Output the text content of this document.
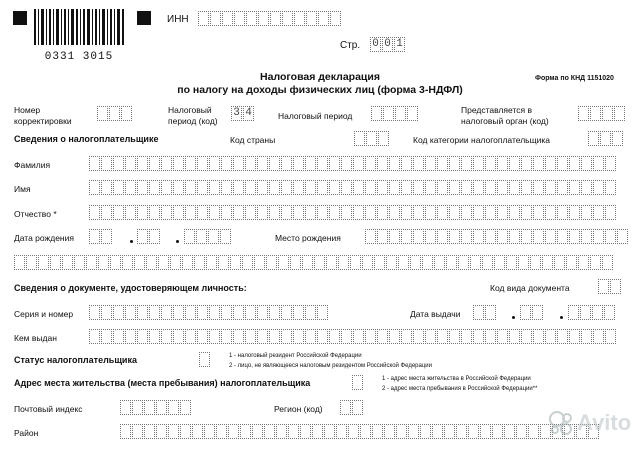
0331 3015
ИНН
Стр. 0 0 1
Налоговая декларация
по налогу на доходы физических лиц (форма 3-НДФЛ)
Форма по КНД 1151020
Номер
корректировки
Налоговый
период (код)
3 4	Налоговый период
Представляется в
налоговый орган (код)
Сведения о налогоплательщике	Код страны	Код категории налогоплательщика
Фамилия
Имя
Отчество *
Дата рождения	Место рождения
Сведения о документе, удостоверяющем личность:	Код вида документа
Серия и номер	Дата выдачи
Кем выдан
Статус налогоплательщика	1 - налоговый резидент Российской Федерации
2 - лицо, не являющееся налоговым резидентом Российской Федерации
Адрес места жительства (места пребывания) налогоплательщика	1 - адрес места жительства в Российской Федерации
2 - адрес места пребывания в Российской Федерации**
Почтовый индекс	Регион (код)
Район	Avito
